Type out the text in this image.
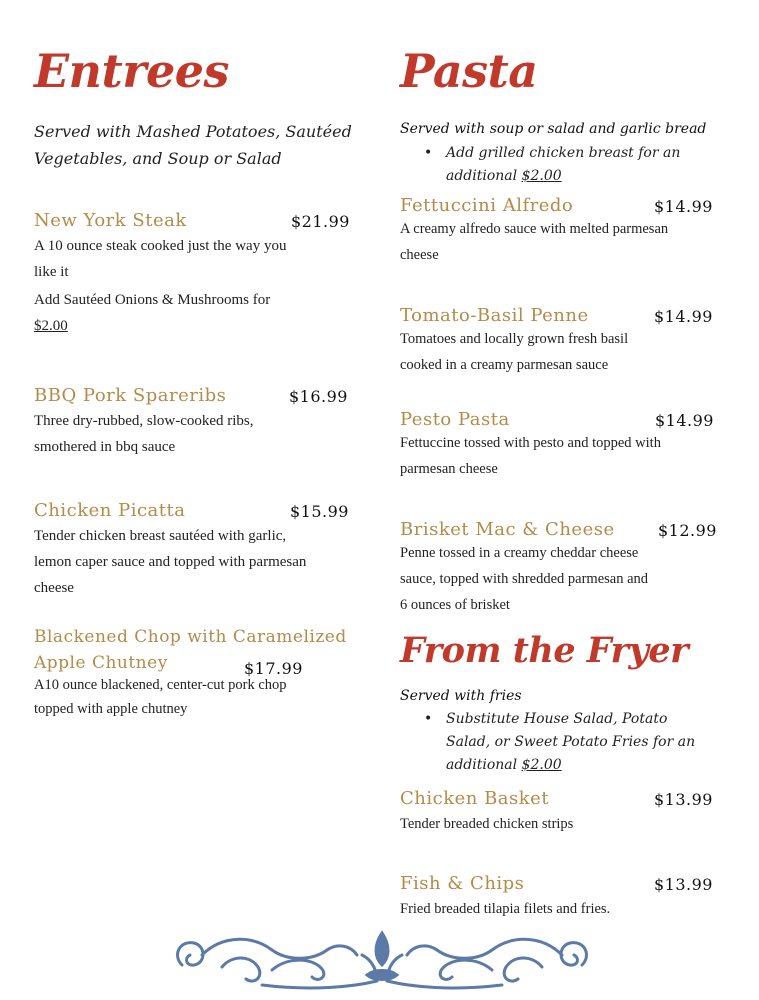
Entrees

Served with Mashed Potatoes, Sautéed
Vegetables, and Soup or Salad

New York Steak	$21.99
A 10 ounce steak cooked just the way you
like it
Add Sautéed Onions & Mushrooms for
$2.00
BBQ Pork Spareribs	$16.99
Three dry-rubbed, slow-cooked ribs,
smothered in bbq sauce
Chicken Picatta	$15.99
Tender chicken breast sautéed with garlic,
lemon caper sauce and topped with parmesan
cheese
Blackened Chop with Caramelized
Apple Chutney	$17.99
A10 ounce blackened, center-cut pork chop
topped with apple chutney
Pasta

Served with soup or salad and garlic bread

• Add grilled chicken breast for an
additional $2.00
Fettuccini Alfredo	$14.99
A creamy alfredo sauce with melted parmesan
cheese
Tomato-Basil Penne	$14.99
Tomatoes and locally grown fresh basil
cooked in a creamy parmesan sauce
Pesto Pasta	$14.99
Fettuccine tossed with pesto and topped with
parmesan cheese
Brisket Mac & Cheese	$12.99
Penne tossed in a creamy cheddar cheese
sauce, topped with shredded parmesan and
6 ounces of brisket
From the Fryer

Served with fries

• Substitute House Salad, Potato
Salad, or Sweet Potato Fries for an
additional $2.00
Chicken Basket	$13.99
Tender breaded chicken strips
Fish & Chips	$13.99
Fried breaded tilapia filets and fries.
